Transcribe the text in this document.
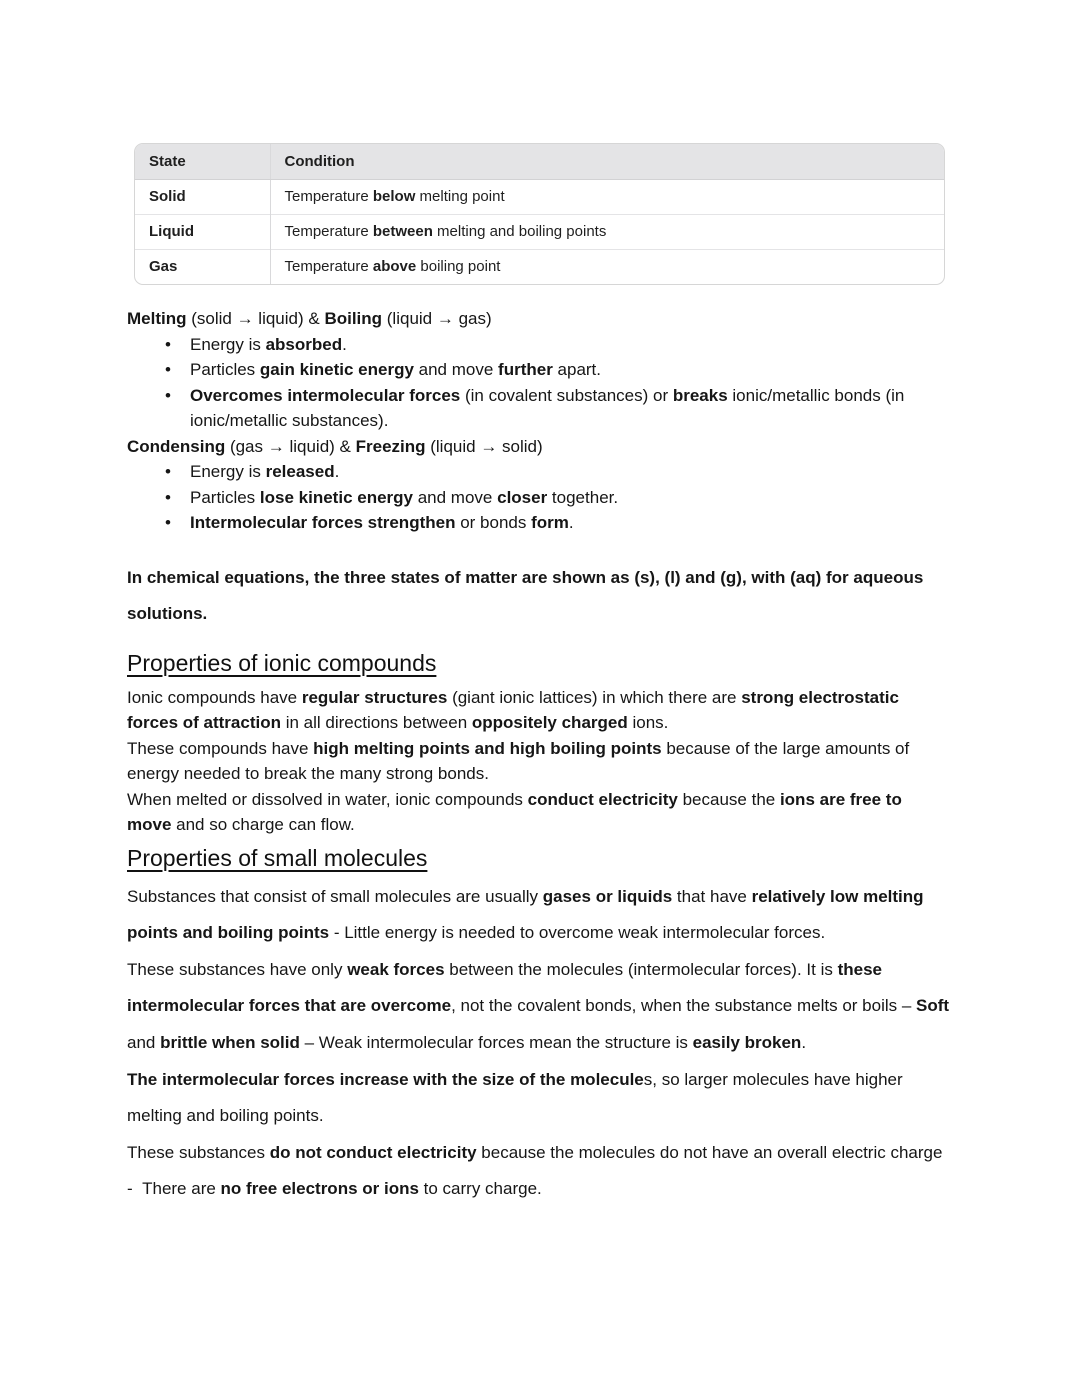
State	Condition
Solid	Temperature below melting point
Liquid	Temperature between melting and boiling points
Gas	Temperature above boiling point

Melting (solid → liquid) & Boiling (liquid → gas)

• Energy is absorbed.
• Particles gain kinetic energy and move further apart.
• Overcomes intermolecular forces (in covalent substances) or breaks ionic/metallic bonds (in ionic/metallic substances).

Condensing (gas → liquid) & Freezing (liquid → solid)

• Energy is released.
• Particles lose kinetic energy and move closer together.
• Intermolecular forces strengthen or bonds form.

In chemical equations, the three states of matter are shown as (s), (l) and (g), with (aq) for aqueous solutions.

Properties of ionic compounds

Ionic compounds have regular structures (giant ionic lattices) in which there are strong electrostatic forces of attraction in all directions between oppositely charged ions.

These compounds have high melting points and high boiling points because of the large amounts of energy needed to break the many strong bonds.

When melted or dissolved in water, ionic compounds conduct electricity because the ions are free to move and so charge can flow.

Properties of small molecules

Substances that consist of small molecules are usually gases or liquids that have relatively low melting points and boiling points - Little energy is needed to overcome weak intermolecular forces.

These substances have only weak forces between the molecules (intermolecular forces). It is these intermolecular forces that are overcome, not the covalent bonds, when the substance melts or boils – Soft and brittle when solid – Weak intermolecular forces mean the structure is easily broken.

The intermolecular forces increase with the size of the molecules, so larger molecules have higher melting and boiling points.

These substances do not conduct electricity because the molecules do not have an overall electric charge -  There are no free electrons or ions to carry charge.
